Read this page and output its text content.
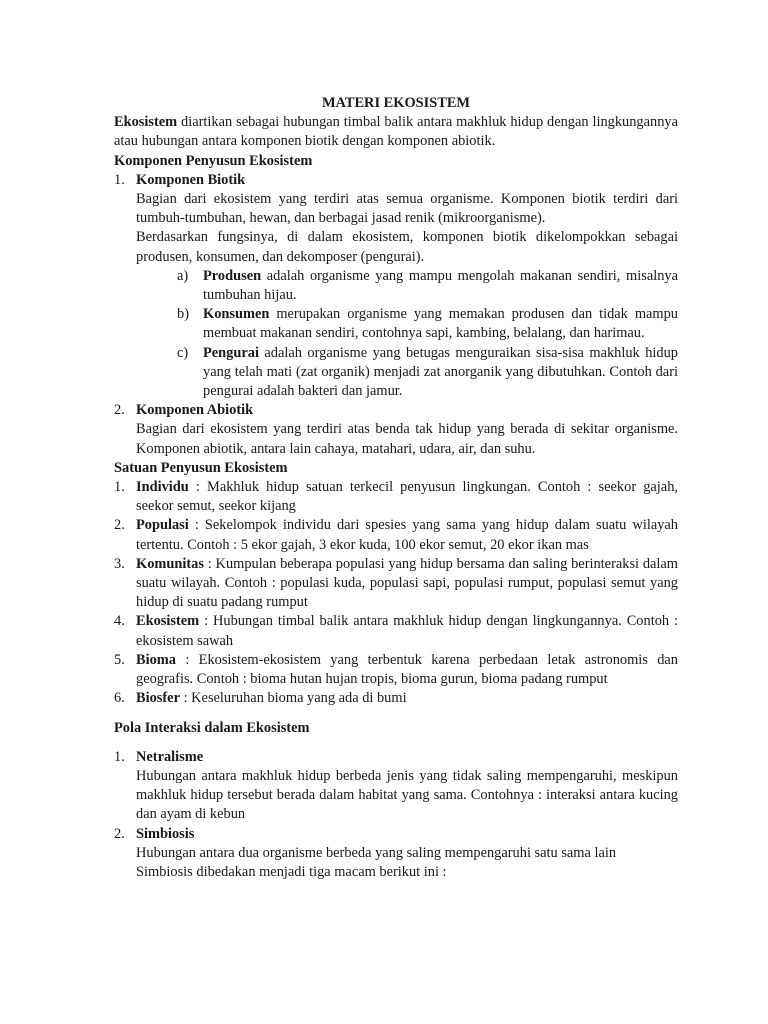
MATERI EKOSISTEM

Ekosistem diartikan sebagai hubungan timbal balik antara makhluk hidup dengan lingkungannya atau hubungan antara komponen biotik dengan komponen abiotik.

Komponen Penyusun Ekosistem

1. Komponen Biotik

Bagian dari ekosistem yang terdiri atas semua organisme. Komponen biotik terdiri dari tumbuh-tumbuhan, hewan, dan berbagai jasad renik (mikroorganisme).

Berdasarkan fungsinya, di dalam ekosistem, komponen biotik dikelompokkan sebagai produsen, konsumen, dan dekomposer (pengurai).

a) Produsen adalah organisme yang mampu mengolah makanan sendiri, misalnya tumbuhan hijau.

b) Konsumen merupakan organisme yang memakan produsen dan tidak mampu membuat makanan sendiri, contohnya sapi, kambing, belalang, dan harimau.

c) Pengurai adalah organisme yang betugas menguraikan sisa-sisa makhluk hidup yang telah mati (zat organik) menjadi zat anorganik yang dibutuhkan. Contoh dari pengurai adalah bakteri dan jamur.

2. Komponen Abiotik

Bagian dari ekosistem yang terdiri atas benda tak hidup yang berada di sekitar organisme. Komponen abiotik, antara lain cahaya, matahari, udara, air, dan suhu.

Satuan Penyusun Ekosistem

1. Individu : Makhluk hidup satuan terkecil penyusun lingkungan. Contoh : seekor gajah, seekor semut, seekor kijang

2. Populasi : Sekelompok individu dari spesies yang sama yang hidup dalam suatu wilayah tertentu. Contoh : 5 ekor gajah, 3 ekor kuda, 100 ekor semut, 20 ekor ikan mas

3. Komunitas : Kumpulan beberapa populasi yang hidup bersama dan saling berinteraksi dalam suatu wilayah. Contoh : populasi kuda, populasi sapi, populasi rumput, populasi semut yang hidup di suatu padang rumput

4. Ekosistem : Hubungan timbal balik antara makhluk hidup dengan lingkungannya. Contoh : ekosistem sawah

5. Bioma : Ekosistem-ekosistem yang terbentuk karena perbedaan letak astronomis dan geografis. Contoh : bioma hutan hujan tropis, bioma gurun, bioma padang rumput

6. Biosfer : Keseluruhan bioma yang ada di bumi

Pola Interaksi dalam Ekosistem

1. Netralisme

Hubungan antara makhluk hidup berbeda jenis yang tidak saling mempengaruhi, meskipun makhluk hidup tersebut berada dalam habitat yang sama. Contohnya : interaksi antara kucing dan ayam di kebun

2. Simbiosis

Hubungan antara dua organisme berbeda yang saling mempengaruhi satu sama lain

Simbiosis dibedakan menjadi tiga macam berikut ini :
